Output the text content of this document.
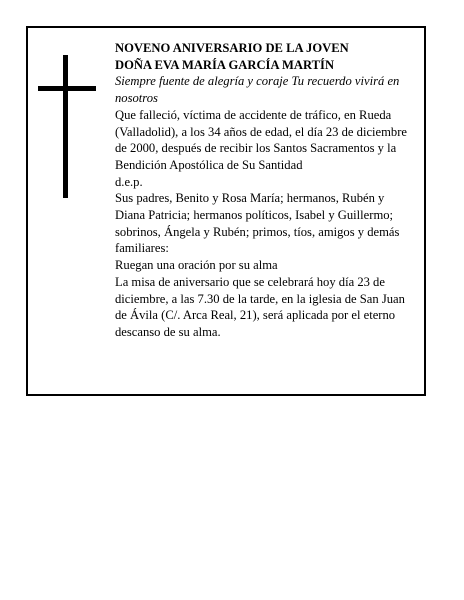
NOVENO ANIVERSARIO DE LA JOVEN

DOÑA EVA MARÍA GARCÍA MARTÍN

Siempre fuente de alegría y coraje Tu recuerdo vivirá en nosotros

Que falleció, víctima de accidente de tráfico, en Rueda (Valladolid), a los 34 años de edad, el día 23 de diciembre de 2000, después de recibir los Santos Sacramentos y la Bendición Apostólica de Su Santidad

d.e.p.

Sus padres, Benito y Rosa María; hermanos, Rubén y Diana Patricia; hermanos políticos, Isabel y Guillermo; sobrinos, Ángela y Rubén; primos, tíos, amigos y demás familiares:

Ruegan una oración por su alma

La misa de aniversario que se celebrará hoy día 23 de diciembre, a las 7.30 de la tarde, en la iglesia de San Juan de Ávila (C/. Arca Real, 21), será aplicada por el eterno descanso de su alma.
